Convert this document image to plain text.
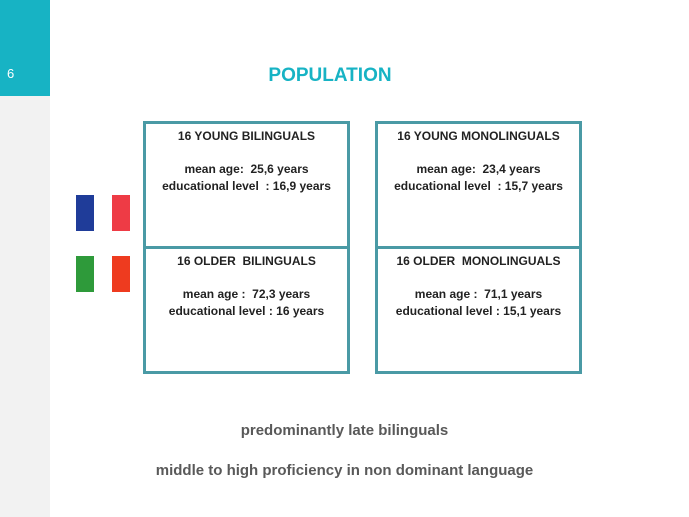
6	POPULATION
16 YOUNG BILINGUALS
mean age:  25,6 years
educational level  : 16,9 years
16 YOUNG MONOLINGUALS
mean age:  23,4 years
educational level  : 15,7 years
16 OLDER  BILINGUALS
mean age :  72,3 years
educational level : 16 years
16 OLDER  MONOLINGUALS
mean age :  71,1 years
educational level : 15,1 years
predominantly late bilinguals
middle to high proficiency in non dominant language
